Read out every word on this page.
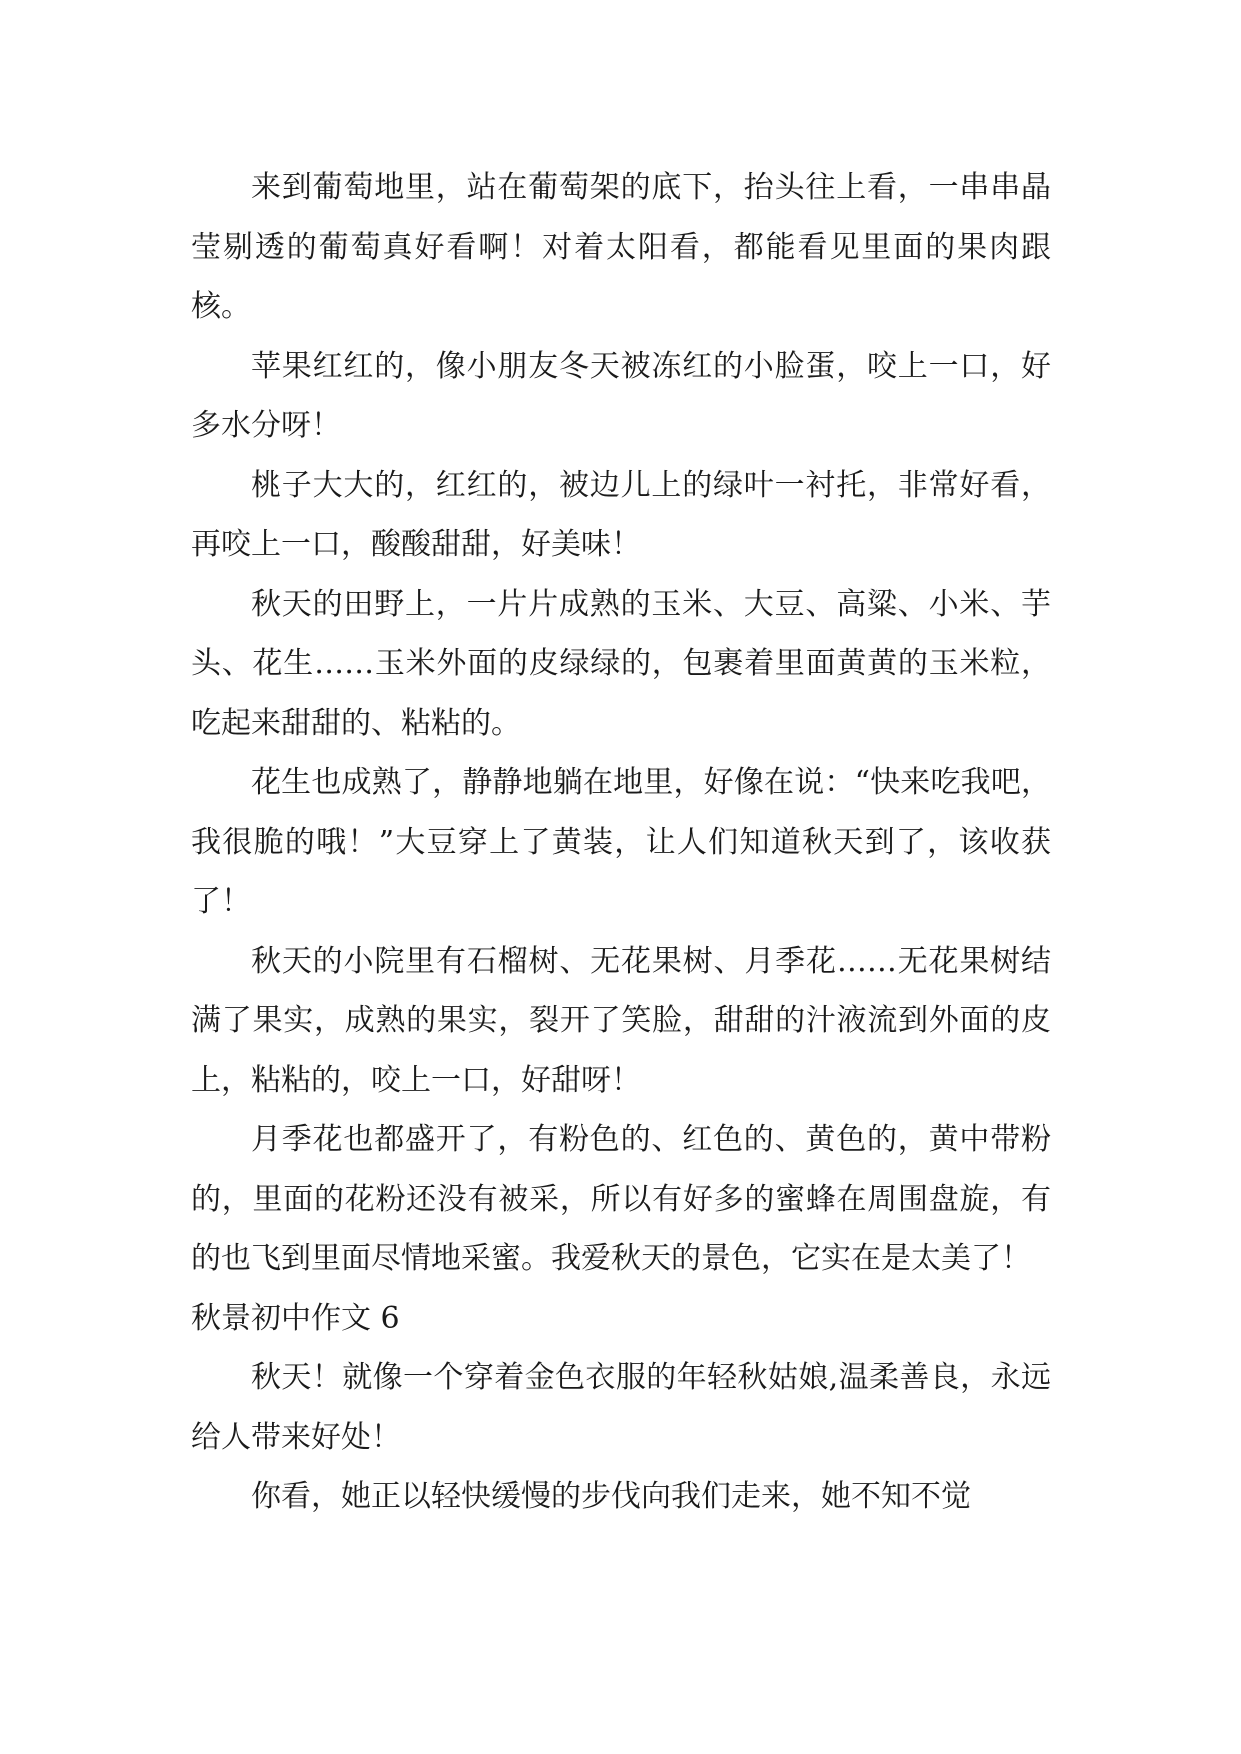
来到葡萄地里，站在葡萄架的底下，抬头往上看，一串串晶莹剔透的葡萄真好看啊！对着太阳看，都能看见里面的果肉跟核。

苹果红红的，像小朋友冬天被冻红的小脸蛋，咬上一口，好多水分呀！

桃子大大的，红红的，被边儿上的绿叶一衬托，非常好看，再咬上一口，酸酸甜甜，好美味！

秋天的田野上，一片片成熟的玉米、大豆、高粱、小米、芋头、花生……玉米外面的皮绿绿的，包裹着里面黄黄的玉米粒，吃起来甜甜的、粘粘的。

花生也成熟了，静静地躺在地里，好像在说：“快来吃我吧，我很脆的哦！”大豆穿上了黄装，让人们知道秋天到了，该收获了！

秋天的小院里有石榴树、无花果树、月季花……无花果树结满了果实，成熟的果实，裂开了笑脸，甜甜的汁液流到外面的皮上，粘粘的，咬上一口，好甜呀！

月季花也都盛开了，有粉色的、红色的、黄色的，黄中带粉的，里面的花粉还没有被采，所以有好多的蜜蜂在周围盘旋，有的也飞到里面尽情地采蜜。我爱秋天的景色，它实在是太美了！

秋景初中作文 6

秋天！就像一个穿着金色衣服的年轻秋姑娘,温柔善良，永远给人带来好处！

你看，她正以轻快缓慢的步伐向我们走来，她不知不觉
